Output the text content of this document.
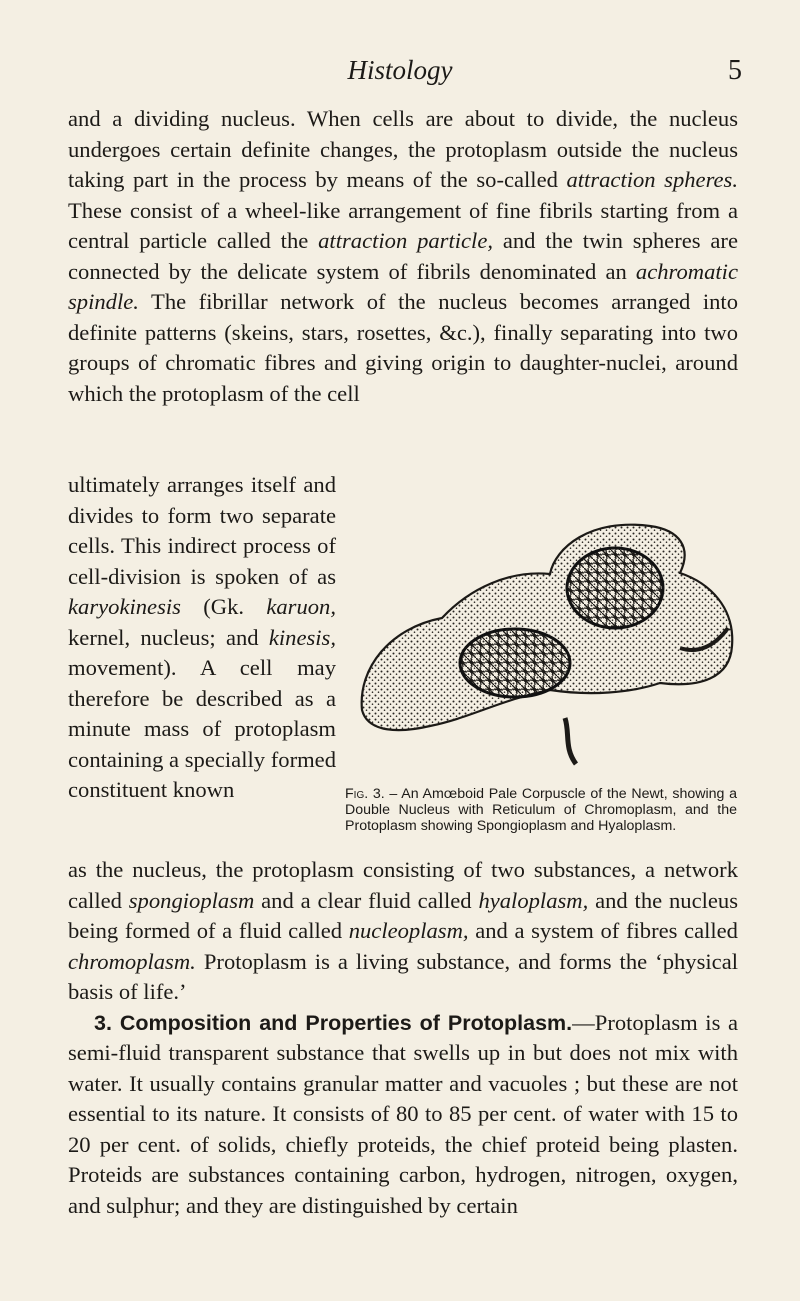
Histology	5

and a dividing nucleus. When cells are about to divide, the nucleus undergoes certain definite changes, the protoplasm outside the nucleus taking part in the process by means of the so-called attraction spheres. These consist of a wheel-like arrangement of fine fibrils starting from a central particle called the attraction particle, and the twin spheres are connected by the delicate system of fibrils denominated an achromatic spindle. The fibrillar network of the nucleus becomes arranged into definite patterns (skeins, stars, rosettes, &c.), finally separating into two groups of chromatic fibres and giving origin to daughter-nuclei, around which the protoplasm of the cell

ultimately arranges itself and divides to form two separate cells. This indirect process of cell-division is spoken of as karyokinesis (Gk. karuon, kernel, nucleus; and kinesis, movement). A cell may therefore be described as a minute mass of protoplasm containing a specially formed constituent known	Fig. 3. – An Amœboid Pale Corpuscle of the Newt, showing a Double Nucleus with Reticulum of Chromoplasm, and the Protoplasm showing Spongioplasm and Hyaloplasm.

as the nucleus, the protoplasm consisting of two substances, a network called spongioplasm and a clear fluid called hyaloplasm, and the nucleus being formed of a fluid called nucleoplasm, and a system of fibres called chromoplasm. Protoplasm is a living substance, and forms the ‘physical basis of life.’

3. Composition and Properties of Protoplasm.—Protoplasm is a semi-fluid transparent substance that swells up in but does not mix with water. It usually contains granular matter and vacuoles ; but these are not essential to its nature. It consists of 80 to 85 per cent. of water with 15 to 20 per cent. of solids, chiefly proteids, the chief proteid being plasten. Proteids are substances containing carbon, hydrogen, nitrogen, oxygen, and sulphur; and they are distinguished by certain
